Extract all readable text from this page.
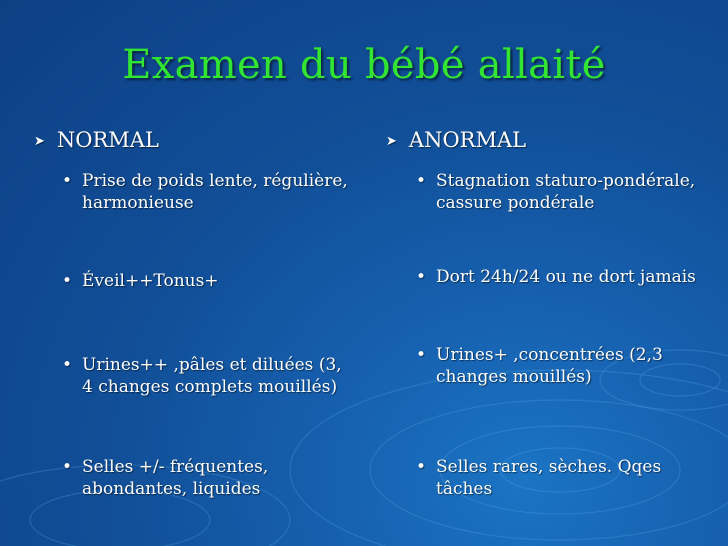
Examen du bébé allaité
➤ NORMAL
• Prise de poids lente, régulière, harmonieuse
• Éveil++Tonus+
• Urines++ ,pâles et diluées (3, 4 changes complets mouillés)
• Selles +/- fréquentes, abondantes, liquides
➤ ANORMAL
• Stagnation staturo-pondérale, cassure pondérale
• Dort 24h/24 ou ne dort jamais
• Urines+ ,concentrées (2,3 changes mouillés)
• Selles rares, sèches. Qqes tâches
